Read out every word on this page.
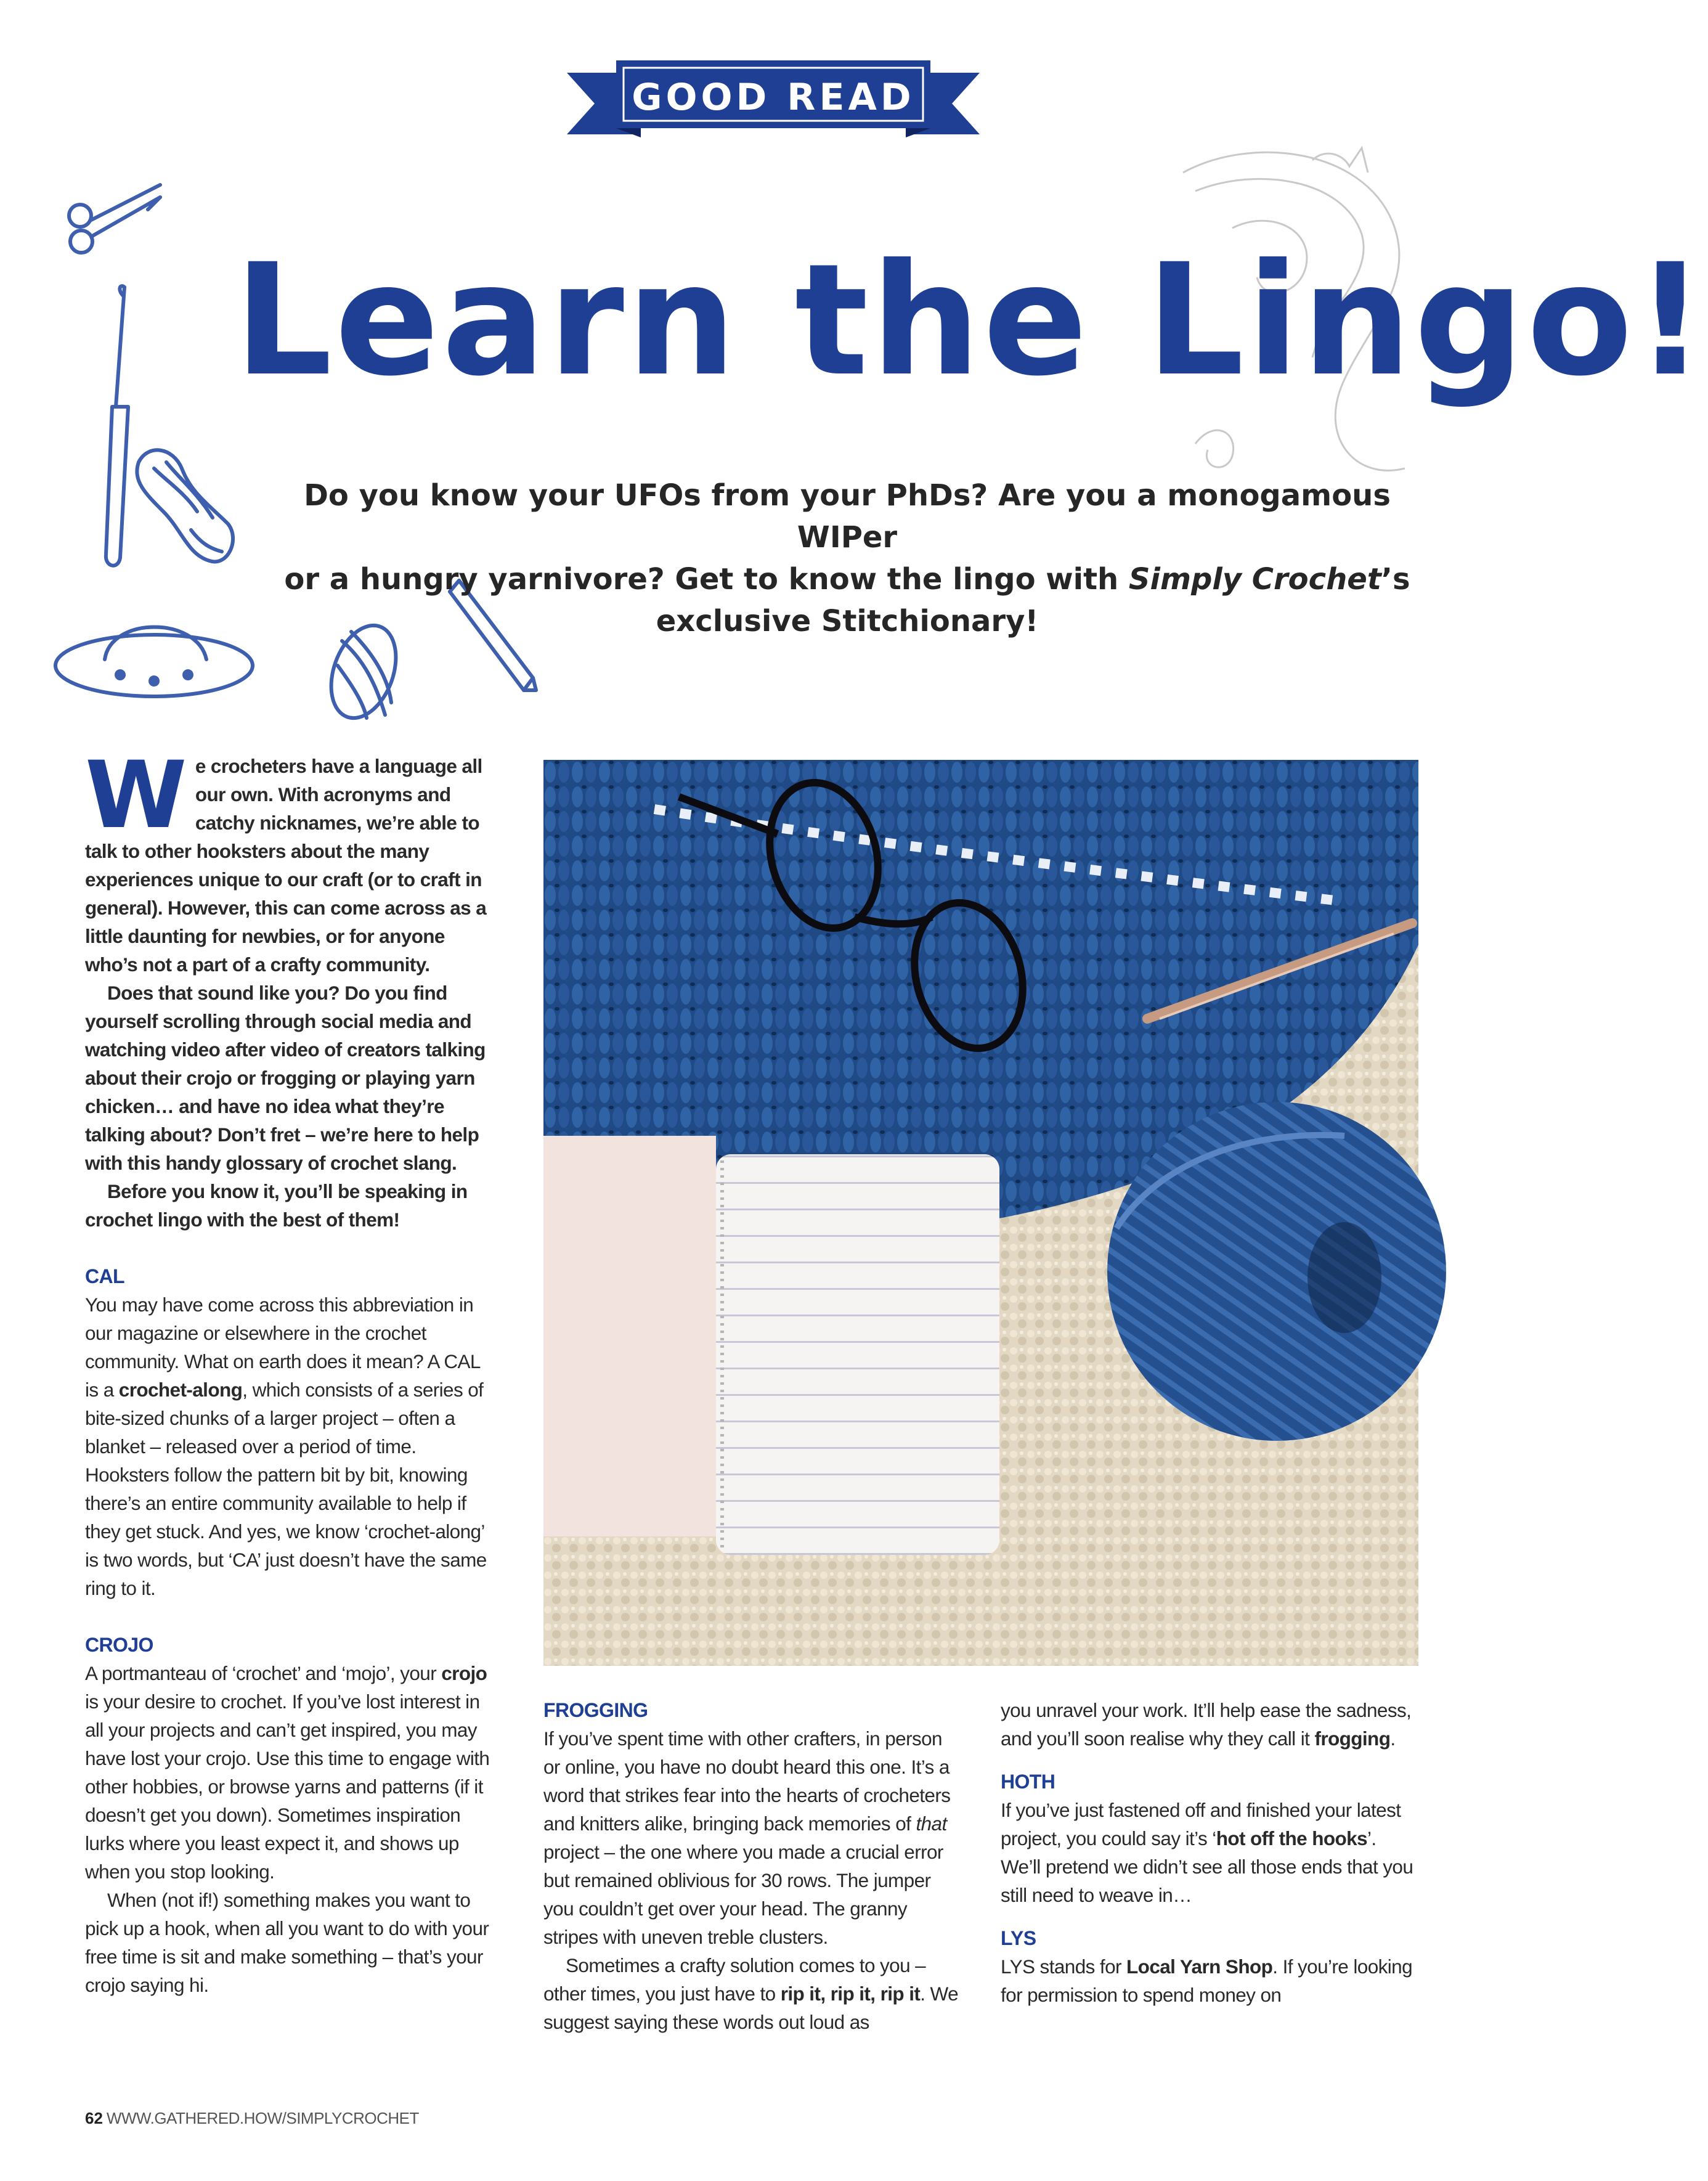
GOOD READ
Learn the Lingo!

Do you know your UFOs from your PhDs? Are you a monogamous WIPer

or a hungry yarnivore? Get to know the lingo with Simply Crochet’s

exclusive Stitchionary!

We crocheters have a language all our own. With acronyms and catchy nicknames, we’re able to talk to other hooksters about the many experiences unique to our craft (or to craft in general). However, this can come across as a little daunting for newbies, or for anyone who’s not a part of a crafty community.

Does that sound like you? Do you find yourself scrolling through social media and watching video after video of creators talking about their crojo or frogging or playing yarn chicken… and have no idea what they’re talking about? Don’t fret – we’re here to help with this handy glossary of crochet slang.

Before you know it, you’ll be speaking in crochet lingo with the best of them!

CAL

You may have come across this abbreviation in our magazine or elsewhere in the crochet community. What on earth does it mean? A CAL is a crochet-along, which consists of a series of bite-sized chunks of a larger project – often a blanket – released over a period of time. Hooksters follow the pattern bit by bit, knowing there’s an entire community available to help if they get stuck. And yes, we know ‘crochet-along’ is two words, but ‘CA’ just doesn’t have the same ring to it.

CROJO

A portmanteau of ‘crochet’ and ‘mojo’, your crojo is your desire to crochet. If you’ve lost interest in all your projects and can’t get inspired, you may have lost your crojo. Use this time to engage with other hobbies, or browse yarns and patterns (if it doesn’t get you down). Sometimes inspiration lurks where you least expect it, and shows up when you stop looking.

When (not if!) something makes you want to pick up a hook, when all you want to do with your free time is sit and make something – that’s your crojo saying hi.

FROGGING

If you’ve spent time with other crafters, in person or online, you have no doubt heard this one. It’s a word that strikes fear into the hearts of crocheters and knitters alike, bringing back memories of that project – the one where you made a crucial error but remained oblivious for 30 rows. The jumper you couldn’t get over your head. The granny stripes with uneven treble clusters.

Sometimes a crafty solution comes to you – other times, you just have to rip it, rip it, rip it. We suggest saying these words out loud as

you unravel your work. It’ll help ease the sadness, and you’ll soon realise why they call it frogging.

HOTH

If you’ve just fastened off and finished your latest project, you could say it’s ‘hot off the hooks’. We’ll pretend we didn’t see all those ends that you still need to weave in…

LYS

LYS stands for Local Yarn Shop. If you’re looking for permission to spend money on

62 WWW.GATHERED.HOW/SIMPLYCROCHET
